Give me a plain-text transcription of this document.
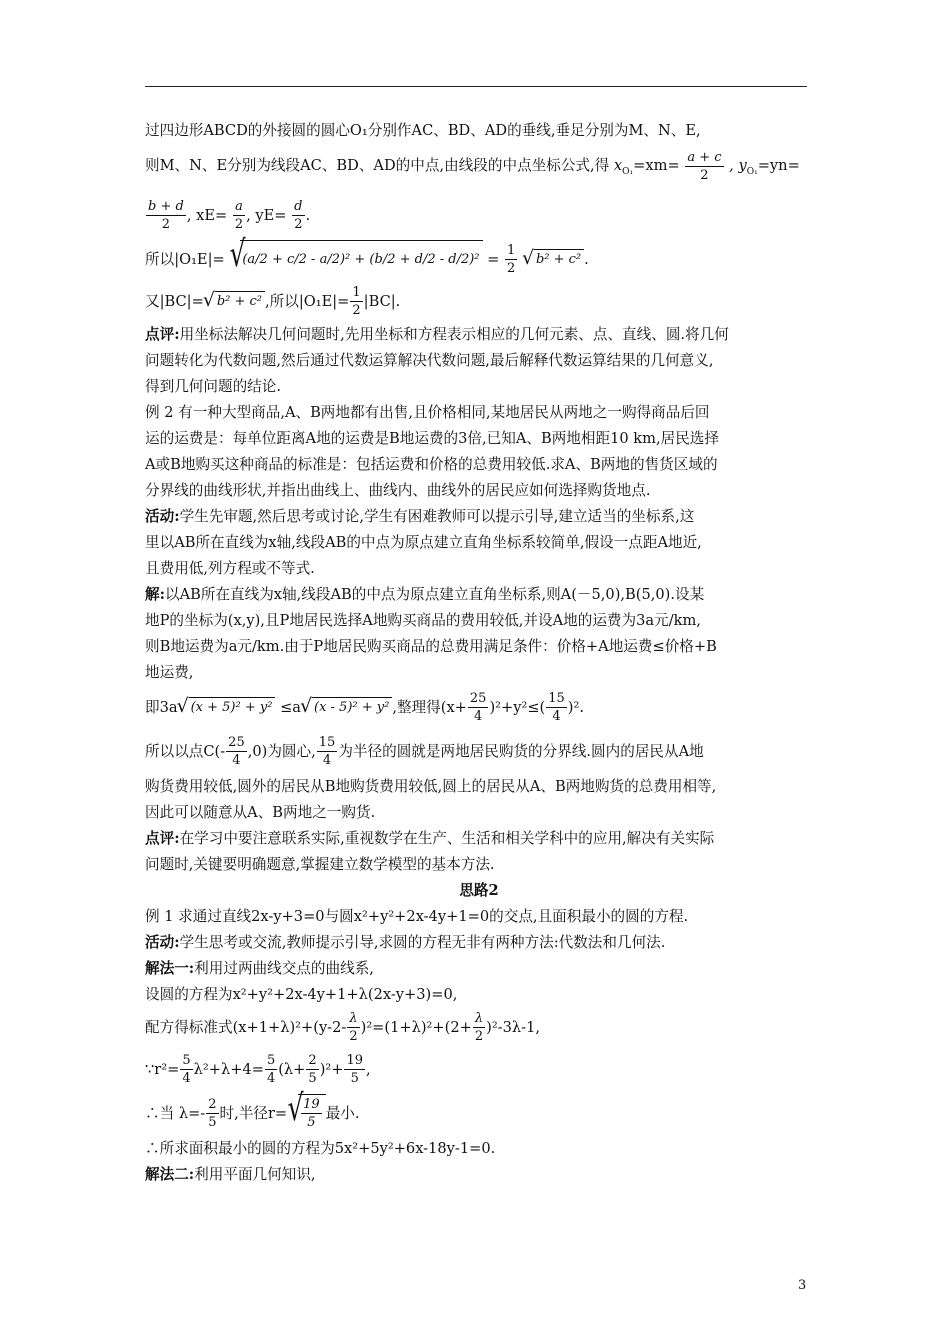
过四边形ABCD的外接圆的圆心O₁分别作AC、BD、AD的垂线,垂足分别为M、N、E,

则M、N、E分别为线段AC、BD、AD的中点,由线段的中点坐标公式,得 $x_{O_1}=xm= \frac{a + c}{2}$ , $y_{O_1}=yn=$

$\frac{b + d}{2}$ , $xE= \frac{a}{2}$ , $yE= \frac{d}{2}$ .

所以|O₁E|= √ $(a/2 + c/2 - a/2)^2 + (b/2 + d/2 - d/2)^2 = \frac{1}{2}$ √ b² + c² .

又|BC|= √ b² + c² ,所以$|O_1E|= \frac{1}{2} |BC|$.

点评:用坐标法解决几何问题时,先用坐标和方程表示相应的几何元素、点、直线、圆.将几何

问题转化为代数问题,然后通过代数运算解决代数问题,最后解释代数运算结果的几何意义,

得到几何问题的结论.

例 2 有一种大型商品,A、B两地都有出售,且价格相同,某地居民从两地之一购得商品后回

运的运费是：每单位距离A地的运费是B地运费的3倍,已知A、B两地相距10 km,居民选择

A或B地购买这种商品的标准是：包括运费和价格的总费用较低.求A、B两地的售货区域的

分界线的曲线形状,并指出曲线上、曲线内、曲线外的居民应如何选择购货地点.

活动:学生先审题,然后思考或讨论,学生有困难教师可以提示引导,建立适当的坐标系,这

里以AB所在直线为x轴,线段AB的中点为原点建立直角坐标系较简单,假设一点距A地近,

且费用低,列方程或不等式.

解:以AB所在直线为x轴,线段AB的中点为原点建立直角坐标系,则A(－5,0),B(5,0).设某

地P的坐标为(x,y),且P地居民选择A地购买商品的费用较低,并设A地的运费为3a元/km,

则B地运费为a元/km.由于P地居民购买商品的总费用满足条件：价格+A地运费≤价格+B

地运费,

即3a √ (x + 5)² + y² ≤a √ (x - 5)² + y² ,整理得$(x+ \frac{25}{4} )^2+y^2\le( \frac{15}{4} )^2$.

所以以点$C(- \frac{25}{4} ,0)$为圆心, $\frac{15}{4}$ 为半径的圆就是两地居民购货的分界线.圆内的居民从A地

购货费用较低,圆外的居民从B地购货费用较低,圆上的居民从A、B两地购货的总费用相等,

因此可以随意从A、B两地之一购货.

点评:在学习中要注意联系实际,重视数学在生产、生活和相关学科中的应用,解决有关实际

问题时,关键要明确题意,掌握建立数学模型的基本方法.

思路2

例 1 求通过直线2x-y+3=0与圆x²+y²+2x-4y+1=0的交点,且面积最小的圆的方程.

活动:学生思考或交流,教师提示引导,求圆的方程无非有两种方法:代数法和几何法.

解法一:利用过两曲线交点的曲线系,

设圆的方程为x²+y²+2x-4y+1+λ(2x-y+3)=0,

配方得标准式$(x+1+\lambda)^2+(y-2- \frac{\lambda}{2} )^2=(1+\lambda)^2+(2+ \frac{\lambda}{2} )^2-3\lambda-1$,

∵r²= $\frac{5}{4} \lambda^2+\lambda+4= \frac{5}{4} (\lambda+ \frac{2}{5} )^2+ \frac{19}{5}$ ,

∴当 $\lambda=- \frac{2}{5}$ 时,半径r= √ $\frac{19}{5}$ 最小.

∴所求面积最小的圆的方程为5x²+5y²+6x-18y-1=0.

解法二:利用平面几何知识,

3
